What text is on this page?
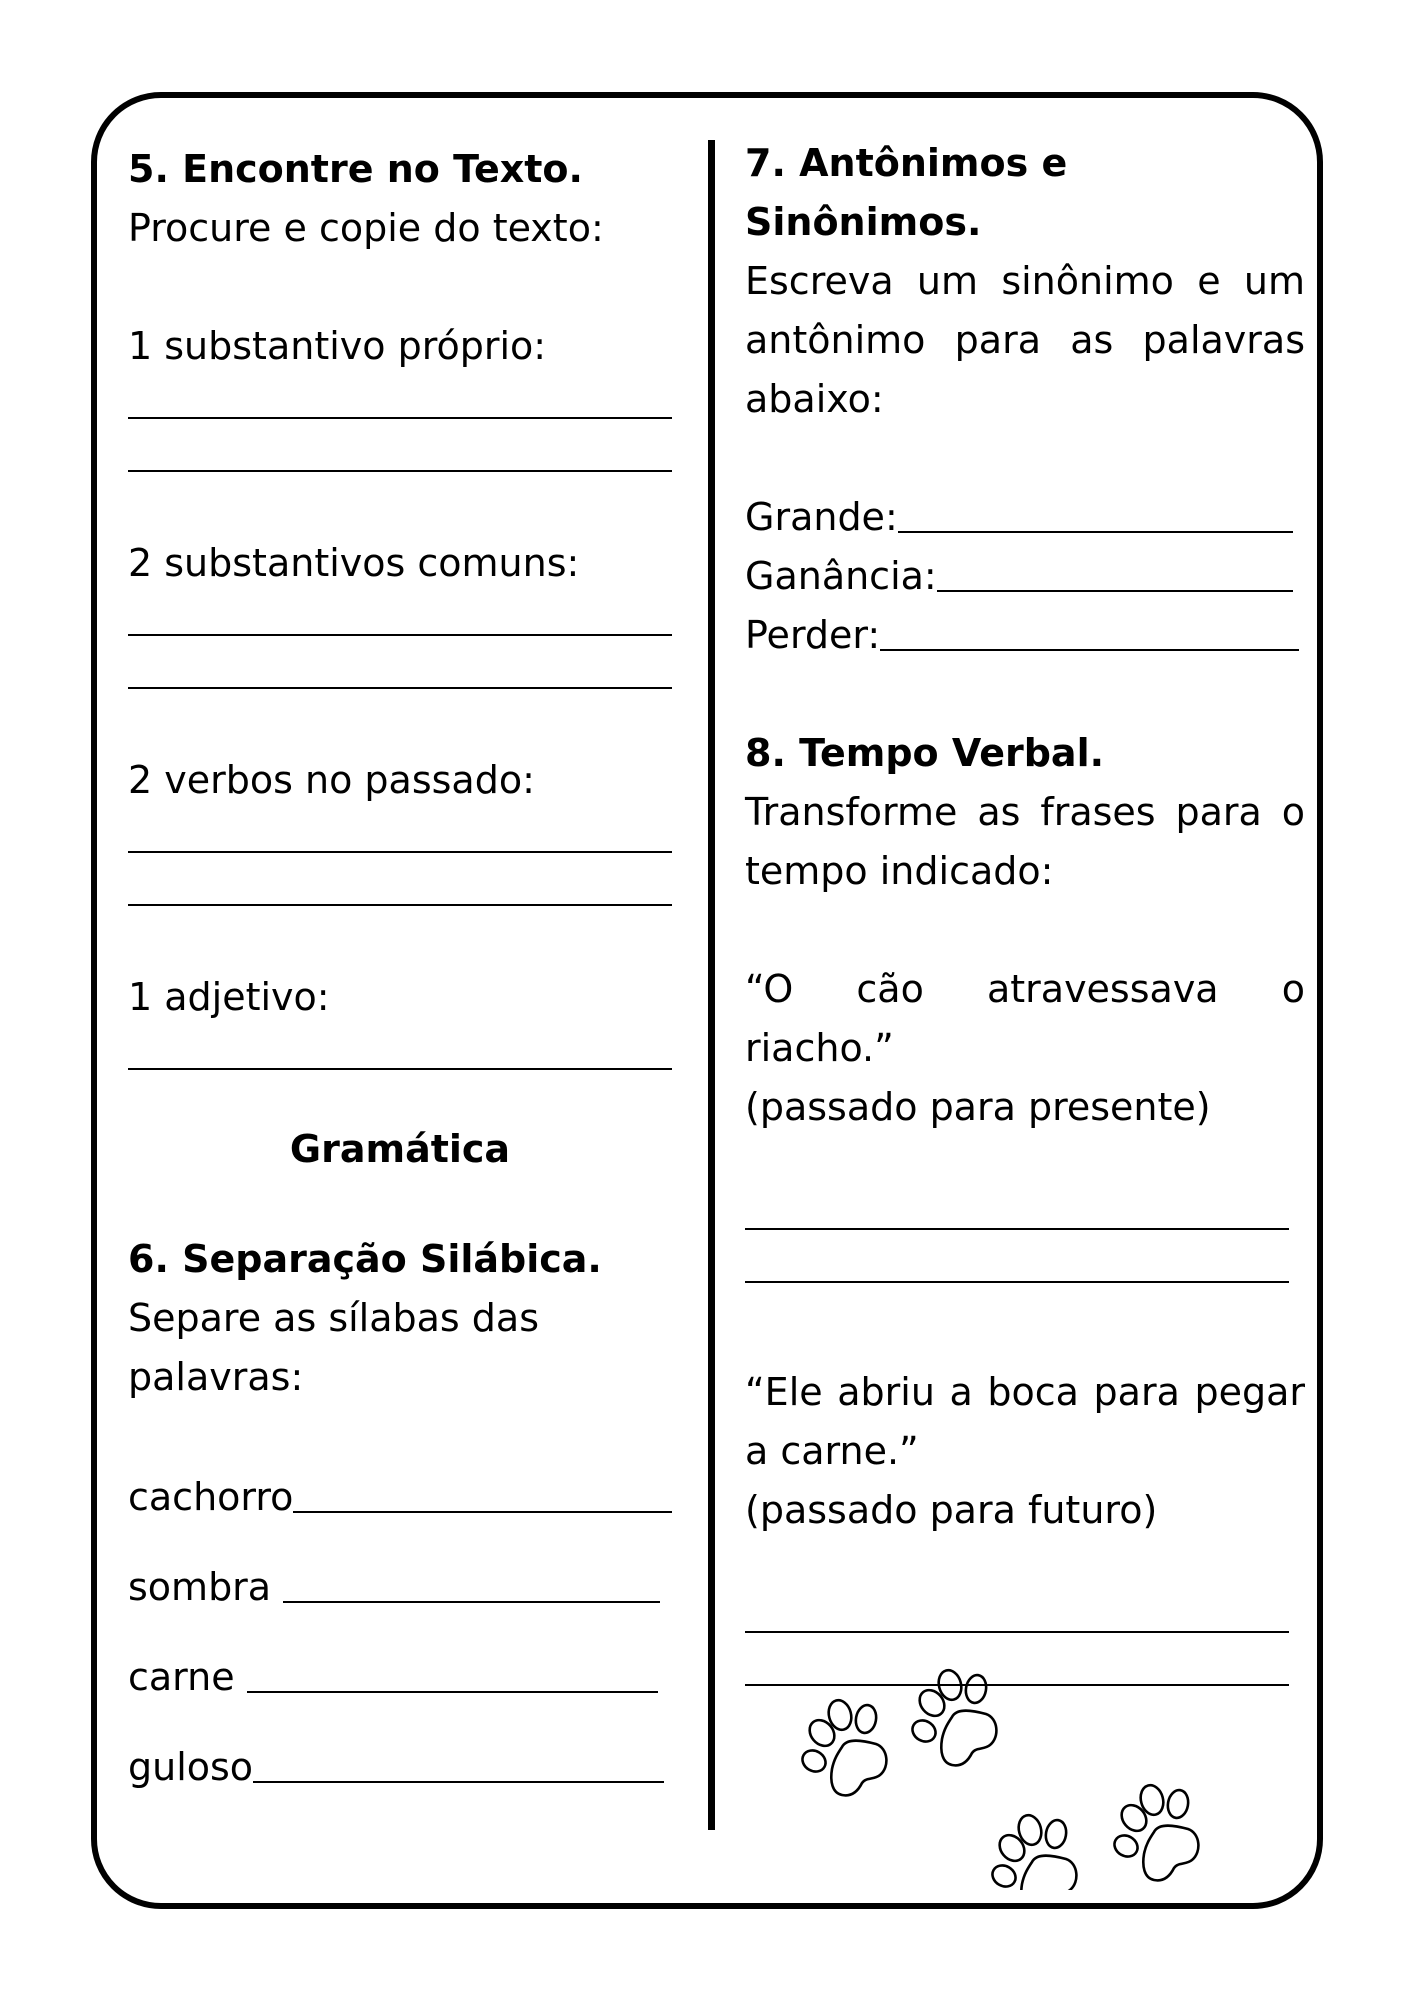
5. Encontre no Texto.
Procure e copie do texto:
1 substantivo próprio:
2 substantivos comuns:
2 verbos no passado:
1 adjetivo:
Gramática
6. Separação Silábica.
Separe as sílabas das
palavras:
cachorro
sombra
carne
guloso
7. Antônimos e Sinônimos.
Escreva um sinônimo e um
antônimo para as palavras
abaixo:
Grande:
Ganância:
Perder:
8. Tempo Verbal.
Transforme as frases para o
tempo indicado:
“O cão atravessava o riacho.”
(passado para presente)
“Ele abriu a boca para pegar
a carne.”
(passado para futuro)
